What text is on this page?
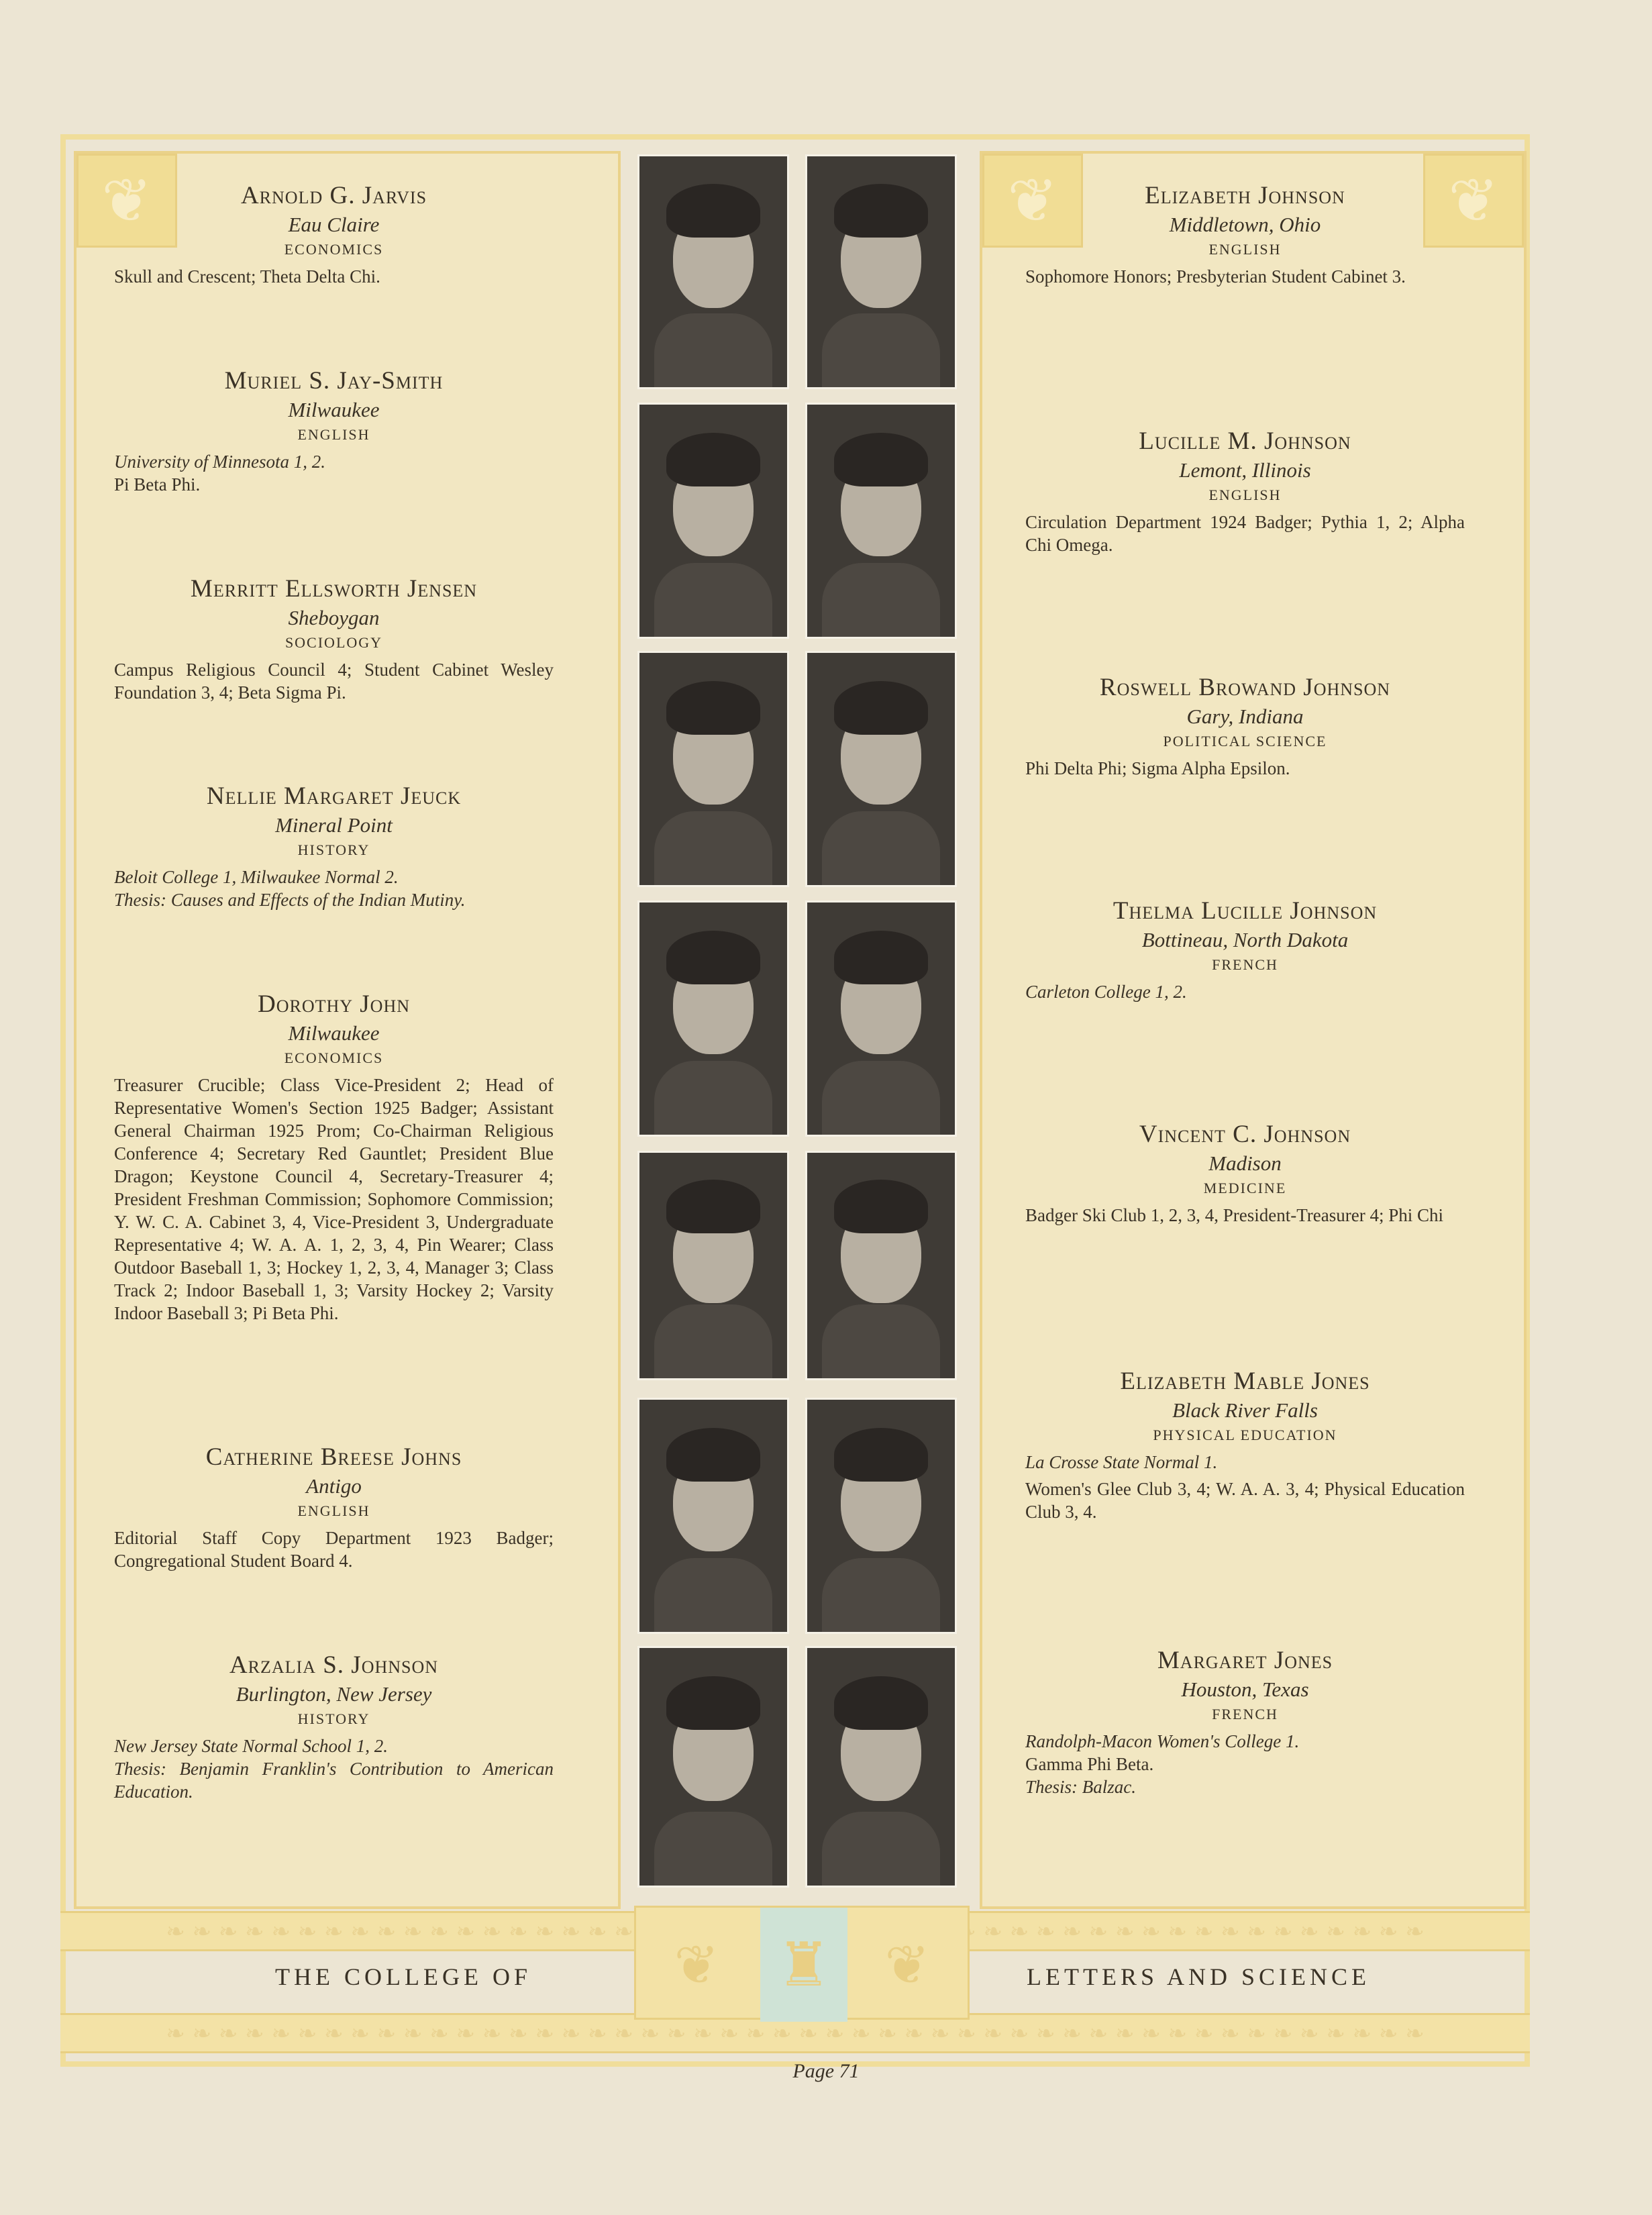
❦
❦
❦
Arnold G. Jarvis
Eau Claire
ECONOMICS
Skull and Crescent; Theta Delta Chi.
Muriel S. Jay-Smith
Milwaukee
ENGLISH
University of Minnesota 1, 2.
Pi Beta Phi.
Merritt Ellsworth Jensen
Sheboygan
SOCIOLOGY
Campus Religious Council 4; Student Cabinet Wesley Foundation 3, 4; Beta Sigma Pi.
Nellie Margaret Jeuck
Mineral Point
HISTORY
Beloit College 1, Milwaukee Normal 2.
Thesis: Causes and Effects of the Indian Mutiny.
Dorothy John
Milwaukee
ECONOMICS
Treasurer Crucible; Class Vice-President 2; Head of Representative Women's Section 1925 Badger; Assistant General Chairman 1925 Prom; Co-Chairman Religious Conference 4; Secretary Red Gauntlet; President Blue Dragon; Keystone Council 4, Secretary-Treasurer 4; President Freshman Commission; Sophomore Commission; Y. W. C. A. Cabinet 3, 4, Vice-President 3, Undergraduate Representative 4; W. A. A. 1, 2, 3, 4, Pin Wearer; Class Outdoor Baseball 1, 3; Hockey 1, 2, 3, 4, Manager 3; Class Track 2; Indoor Baseball 1, 3; Varsity Hockey 2; Varsity Indoor Baseball 3; Pi Beta Phi.
Catherine Breese Johns
Antigo
ENGLISH
Editorial Staff Copy Department 1923 Badger; Congregational Student Board 4.
Arzalia S. Johnson
Burlington, New Jersey
HISTORY
New Jersey State Normal School 1, 2.
Thesis: Benjamin Franklin's Contribution to American Education.
Elizabeth Johnson
Middletown, Ohio
ENGLISH
Sophomore Honors; Presbyterian Student Cabinet 3.
Lucille M. Johnson
Lemont, Illinois
ENGLISH
Circulation Department 1924 Badger; Pythia 1, 2; Alpha Chi Omega.
Roswell Browand Johnson
Gary, Indiana
POLITICAL SCIENCE
Phi Delta Phi; Sigma Alpha Epsilon.
Thelma Lucille Johnson
Bottineau, North Dakota
FRENCH
Carleton College 1, 2.
Vincent C. Johnson
Madison
MEDICINE
Badger Ski Club 1, 2, 3, 4, President-Treasurer 4; Phi Chi
Elizabeth Mable Jones
Black River Falls
PHYSICAL EDUCATION
La Crosse State Normal 1.
Women's Glee Club 3, 4; W. A. A. 3, 4; Physical Education Club 3, 4.
Margaret Jones
Houston, Texas
FRENCH
Randolph-Macon Women's College 1.
Gamma Phi Beta.
Thesis: Balzac.
❧ ❧ ❧ ❧ ❧ ❧ ❧ ❧ ❧ ❧ ❧ ❧ ❧ ❧ ❧ ❧ ❧ ❧ ❧ ❧ ❧ ❧ ❧ ❧ ❧ ❧ ❧ ❧ ❧ ❧ ❧ ❧ ❧ ❧ ❧ ❧ ❧ ❧ ❧ ❧ ❧ ❧ ❧ ❧ ❧ ❧ ❧ ❧
❧ ❧ ❧ ❧ ❧ ❧ ❧ ❧ ❧ ❧ ❧ ❧ ❧ ❧ ❧ ❧ ❧ ❧ ❧ ❧ ❧ ❧ ❧ ❧ ❧ ❧ ❧ ❧ ❧ ❧ ❧ ❧ ❧ ❧ ❧ ❧ ❧ ❧ ❧ ❧ ❧ ❧ ❧ ❧ ❧ ❧ ❧ ❧
❦ ♜	❦
THE COLLEGE OF	LETTERS AND SCIENCE
Page 71
